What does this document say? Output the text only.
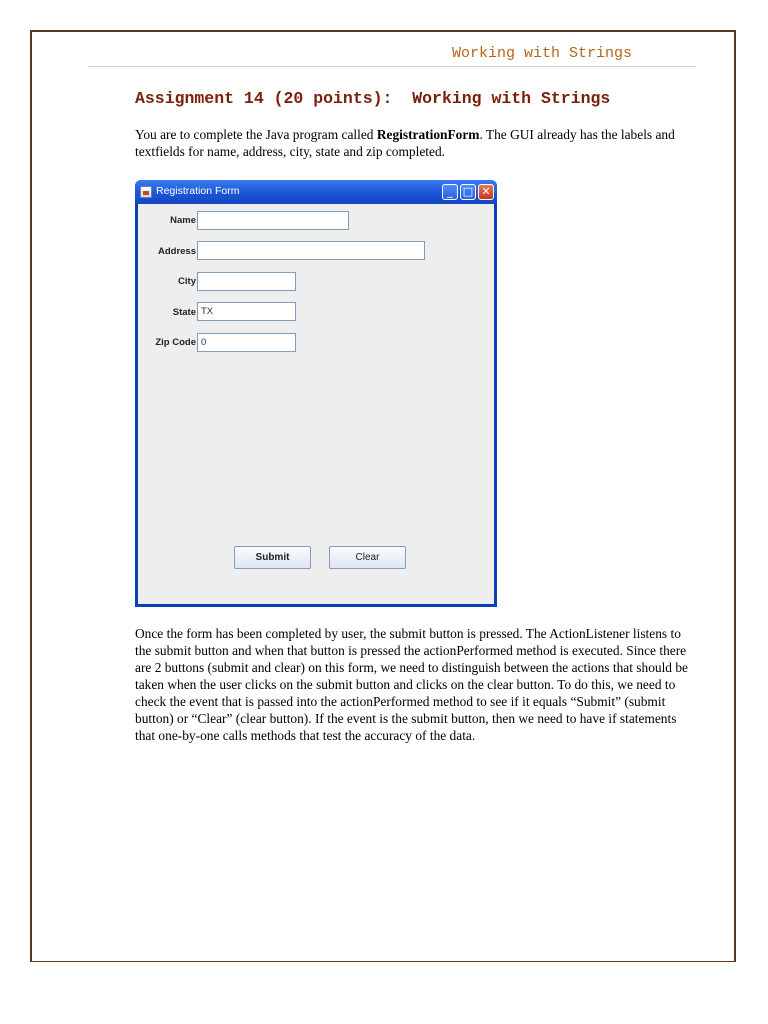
Working with Strings
Assignment 14 (20 points):  Working with Strings
You are to complete the Java program called RegistrationForm. The GUI already has the labels and textfields for name, address, city, state and zip completed.
Registration Form	_ □ ✕
Name
Address
City
State TX
Zip Code 0
Submit	Clear
Once the form has been completed by user, the submit button is pressed. The ActionListener listens to the submit button and when that button is pressed the actionPerformed method is executed. Since there are 2 buttons (submit and clear) on this form, we need to distinguish between the actions that should be taken when the user clicks on the submit button and clicks on the clear button. To do this, we need to check the event that is passed into the actionPerformed method to see if it equals “Submit” (submit button) or “Clear” (clear button). If the event is the submit button, then we need to have if statements that one-by-one calls methods that test the accuracy of the data.
